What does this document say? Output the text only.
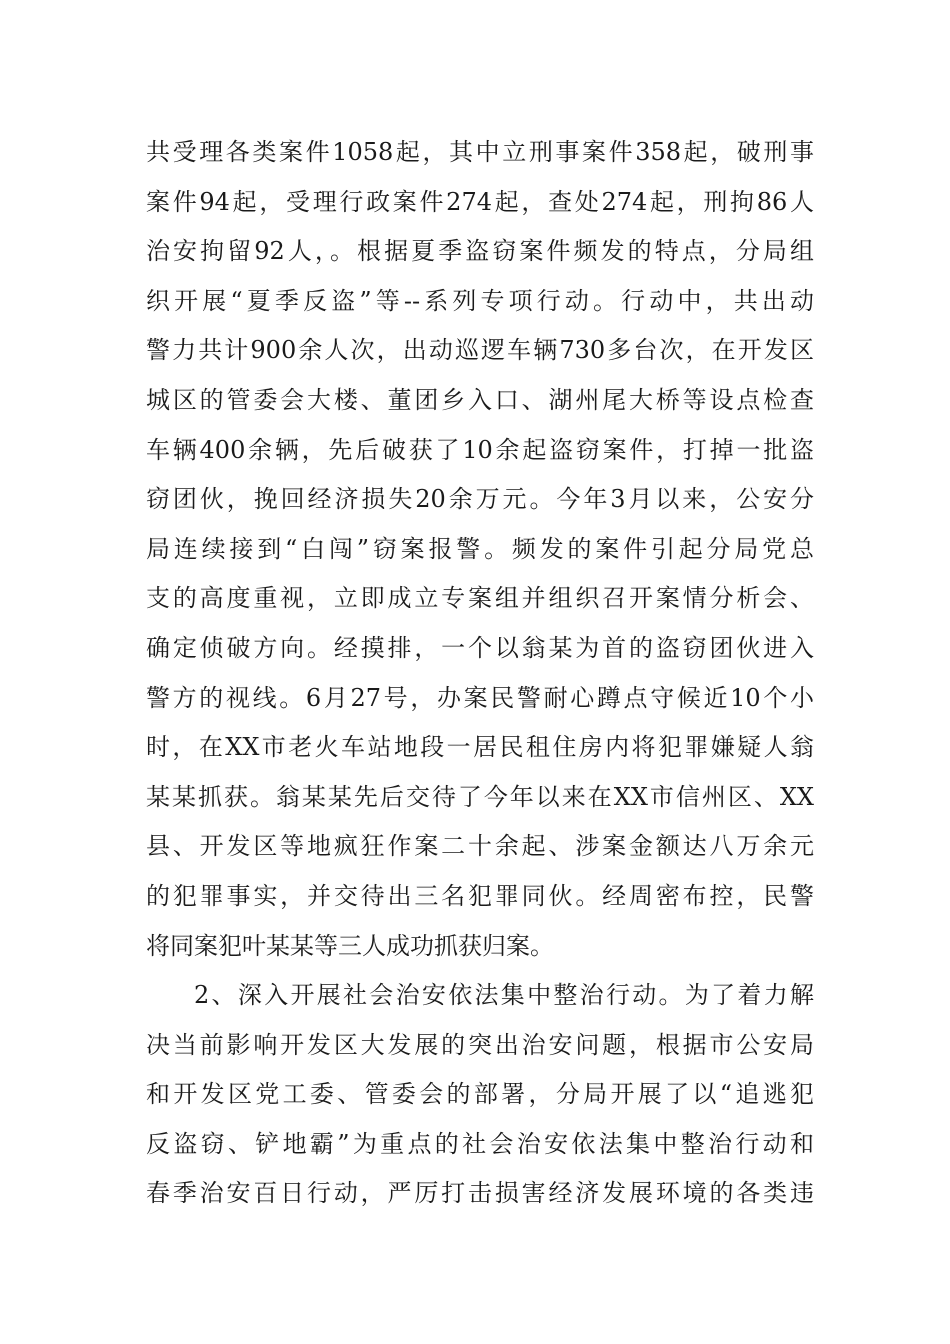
共受理各类案件1058起，其中立刑事案件358起，破刑事
案件94起，受理行政案件274起，查处274起，刑拘86人
治安拘留92人，。根据夏季盗窃案件频发的特点，分局组
织开展“夏季反盗”等--系列专项行动。行动中，共出动
警力共计900余人次，出动巡逻车辆730多台次，在开发区
城区的管委会大楼、董团乡入口、湖州尾大桥等设点检查
车辆400余辆，先后破获了10余起盗窃案件，打掉一批盗
窃团伙，挽回经济损失20余万元。今年3月以来，公安分
局连续接到“白闯”窃案报警。频发的案件引起分局党总
支的高度重视，立即成立专案组并组织召开案情分析会、
确定侦破方向。经摸排，一个以翁某为首的盗窃团伙进入
警方的视线。6月27号，办案民警耐心蹲点守候近10个小
时，在XX市老火车站地段一居民租住房内将犯罪嫌疑人翁
某某抓获。翁某某先后交待了今年以来在XX市信州区、XX
县、开发区等地疯狂作案二十余起、涉案金额达八万余元
的犯罪事实，并交待出三名犯罪同伙。经周密布控，民警
将同案犯叶某某等三人成功抓获归案。
2、深入开展社会治安依法集中整治行动。为了着力解
决当前影响开发区大发展的突出治安问题，根据市公安局
和开发区党工委、管委会的部署，分局开展了以“追逃犯
反盗窃、铲地霸”为重点的社会治安依法集中整治行动和
春季治安百日行动，严厉打击损害经济发展环境的各类违
